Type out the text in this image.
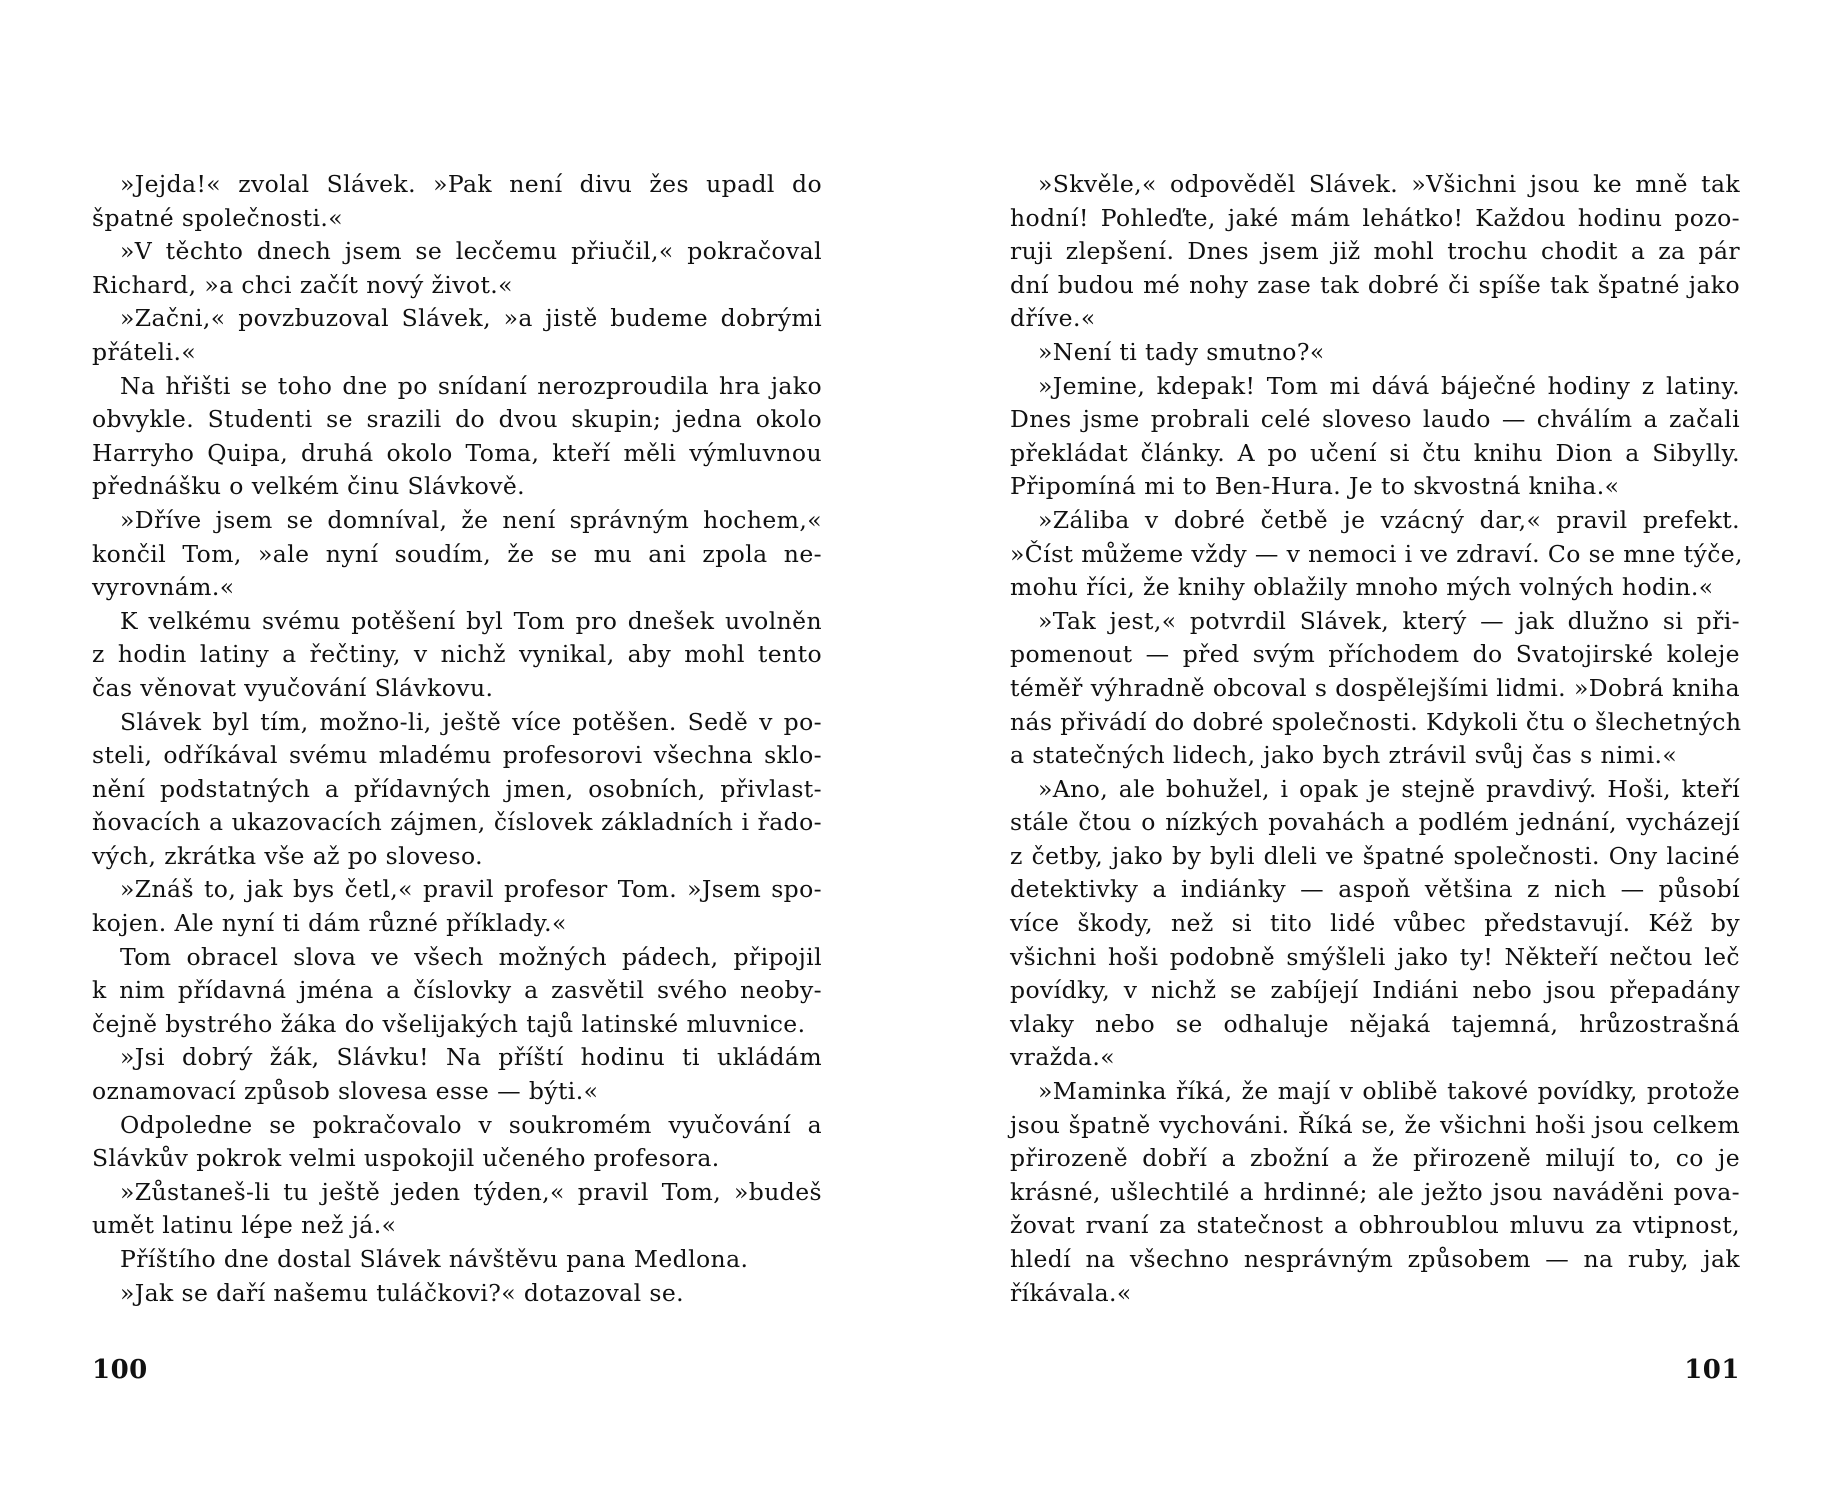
»Jejda!« zvolal Slávek. »Pak není divu žes upadl do
špatné společnosti.«
»V těchto dnech jsem se lecčemu přiučil,« pokračoval
Richard, »a chci začít nový život.«
»Začni,« povzbuzoval Slávek, »a jistě budeme dobrými
přáteli.«
Na hřišti se toho dne po snídaní nerozproudila hra jako
obvykle. Studenti se srazili do dvou skupin; jedna okolo
Harryho Quipa, druhá okolo Toma, kteří měli výmluvnou
přednášku o velkém činu Slávkově.
»Dříve jsem se domníval, že není správným hochem,«
končil Tom, »ale nyní soudím, že se mu ani zpola ne-
vyrovnám.«
K velkému svému potěšení byl Tom pro dnešek uvolněn
z hodin latiny a řečtiny, v nichž vynikal, aby mohl tento
čas věnovat vyučování Slávkovu.
Slávek byl tím, možno-li, ještě více potěšen. Sedě v po-
steli, odříkával svému mladému profesorovi všechna sklo-
nění podstatných a přídavných jmen, osobních, přivlast-
ňovacích a ukazovacích zájmen, číslovek základních i řado-
vých, zkrátka vše až po sloveso.
»Znáš to, jak bys četl,« pravil profesor Tom. »Jsem spo-
kojen. Ale nyní ti dám různé příklady.«
Tom obracel slova ve všech možných pádech, připojil
k nim přídavná jména a číslovky a zasvětil svého neoby-
čejně bystrého žáka do všelijakých tajů latinské mluvnice.
»Jsi dobrý žák, Slávku! Na příští hodinu ti ukládám
oznamovací způsob slovesa esse — býti.«
Odpoledne se pokračovalo v soukromém vyučování a
Slávkův pokrok velmi uspokojil učeného profesora.
»Zůstaneš-li tu ještě jeden týden,« pravil Tom, »budeš
umět latinu lépe než já.«
Příštího dne dostal Slávek návštěvu pana Medlona.
»Jak se daří našemu tuláčkovi?« dotazoval se.
100
»Skvěle,« odpověděl Slávek. »Všichni jsou ke mně tak
hodní! Pohleďte, jaké mám lehátko! Každou hodinu pozo-
ruji zlepšení. Dnes jsem již mohl trochu chodit a za pár
dní budou mé nohy zase tak dobré či spíše tak špatné jako
dříve.«
»Není ti tady smutno?«
»Jemine, kdepak! Tom mi dává báječné hodiny z latiny.
Dnes jsme probrali celé sloveso laudo — chválím a začali
překládat články. A po učení si čtu knihu Dion a Sibylly.
Připomíná mi to Ben-Hura. Je to skvostná kniha.«
»Záliba v dobré četbě je vzácný dar,« pravil prefekt.
»Číst můžeme vždy — v nemoci i ve zdraví. Co se mne týče,
mohu říci, že knihy oblažily mnoho mých volných hodin.«
»Tak jest,« potvrdil Slávek, který — jak dlužno si při-
pomenout — před svým příchodem do Svatojirské koleje
téměř výhradně obcoval s dospělejšími lidmi. »Dobrá kniha
nás přivádí do dobré společnosti. Kdykoli čtu o šlechetných
a statečných lidech, jako bych ztrávil svůj čas s nimi.«
»Ano, ale bohužel, i opak je stejně pravdivý. Hoši, kteří
stále čtou o nízkých povahách a podlém jednání, vycházejí
z četby, jako by byli dleli ve špatné společnosti. Ony laciné
detektivky a indiánky — aspoň většina z nich — působí
více škody, než si tito lidé vůbec představují. Kéž by
všichni hoši podobně smýšleli jako ty! Někteří nečtou leč
povídky, v nichž se zabíjejí Indiáni nebo jsou přepadány
vlaky nebo se odhaluje nějaká tajemná, hrůzostrašná
vražda.«
»Maminka říká, že mají v oblibě takové povídky, protože
jsou špatně vychováni. Říká se, že všichni hoši jsou celkem
přirozeně dobří a zbožní a že přirozeně milují to, co je
krásné, ušlechtilé a hrdinné; ale ježto jsou naváděni pova-
žovat rvaní za statečnost a obhroublou mluvu za vtipnost,
hledí na všechno nesprávným způsobem — na ruby, jak
říkávala.«
101
